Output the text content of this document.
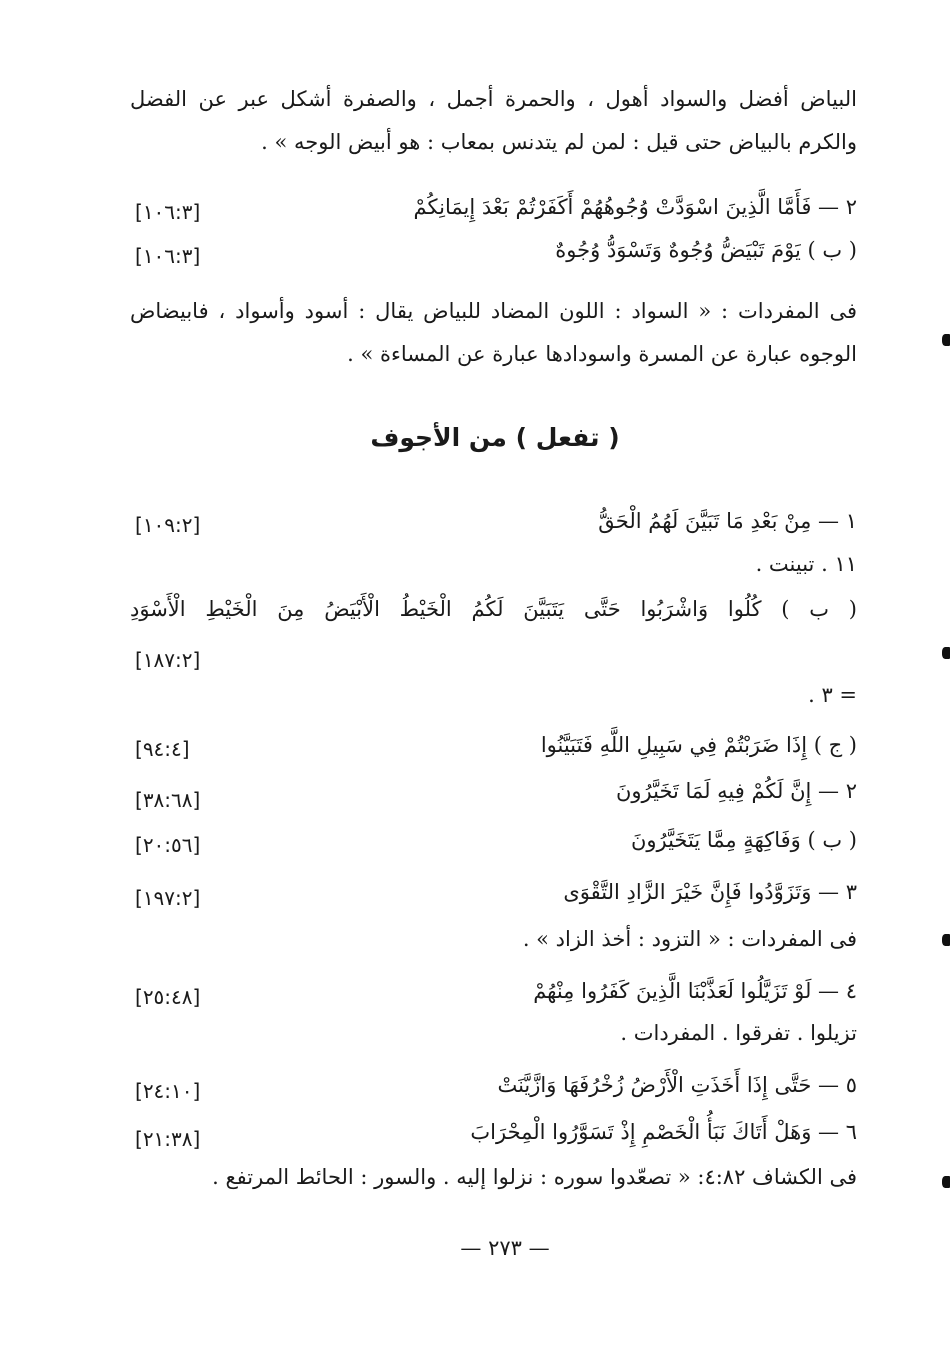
البياض أفضل والسواد أهول ، والحمرة أجمل ، والصفرة أشكل عبر عن الفضل
والكرم بالبياض حتى قيل : لمن لم يتدنس بمعاب : هو أبيض الوجه » .
٢ — فَأَمَّا الَّذِينَ اسْوَدَّتْ وُجُوهُهُمْ أَكَفَرْتُمْ بَعْدَ إِيمَانِكُمْ
[١٠٦:٣]
( ب ) يَوْمَ تَبْيَضُّ وُجُوهٌ وَتَسْوَدُّ وُجُوهٌ
[١٠٦:٣]
فى المفردات : « السواد : اللون المضاد للبياض يقال : أسود وأسواد ، فابيضاض
الوجوه عبارة عن المسرة واسودادها عبارة عن المساءة » .
( تفعل ) من الأجوف
١ — مِنْ بَعْدِ مَا تَبَيَّنَ لَهُمُ الْحَقُّ
[١٠٩:٢]
١١ . تبينت .
( ب ) كُلُوا وَاشْرَبُوا حَتَّى يَتَبَيَّنَ لَكُمُ الْخَيْطُ الْأَبْيَضُ مِنَ الْخَيْطِ الْأَسْوَدِ
[١٨٧:٢]
= ٣ .
( ج ) إِذَا ضَرَبْتُمْ فِي سَبِيلِ اللَّهِ فَتَبَيَّنُوا
[٩٤:٤]
٢ — إِنَّ لَكُمْ فِيهِ لَمَا تَخَيَّرُونَ
[٣٨:٦٨]
( ب ) وَفَاكِهَةٍ مِمَّا يَتَخَيَّرُونَ
[٢٠:٥٦]
٣ — وَتَزَوَّدُوا فَإِنَّ خَيْرَ الزَّادِ التَّقْوَى
[١٩٧:٢]
فى المفردات : « التزود : أخذ الزاد » .
٤ — لَوْ تَزَيَّلُوا لَعَذَّبْنَا الَّذِينَ كَفَرُوا مِنْهُمْ
[٢٥:٤٨]
تزيلوا . تفرقوا . المفردات .
٥ — حَتَّى إِذَا أَخَذَتِ الْأَرْضُ زُخْرُفَهَا وَازَّيَّنَتْ
[٢٤:١٠]
٦ — وَهَلْ أَتَاكَ نَبَأُ الْخَصْمِ إِذْ تَسَوَّرُوا الْمِحْرَابَ
[٢١:٣٨]
فى الكشاف ٤:٨٢: « تصعّدوا سوره : نزلوا إليه . والسور : الحائط المرتفع .
— ٢٧٣ —
